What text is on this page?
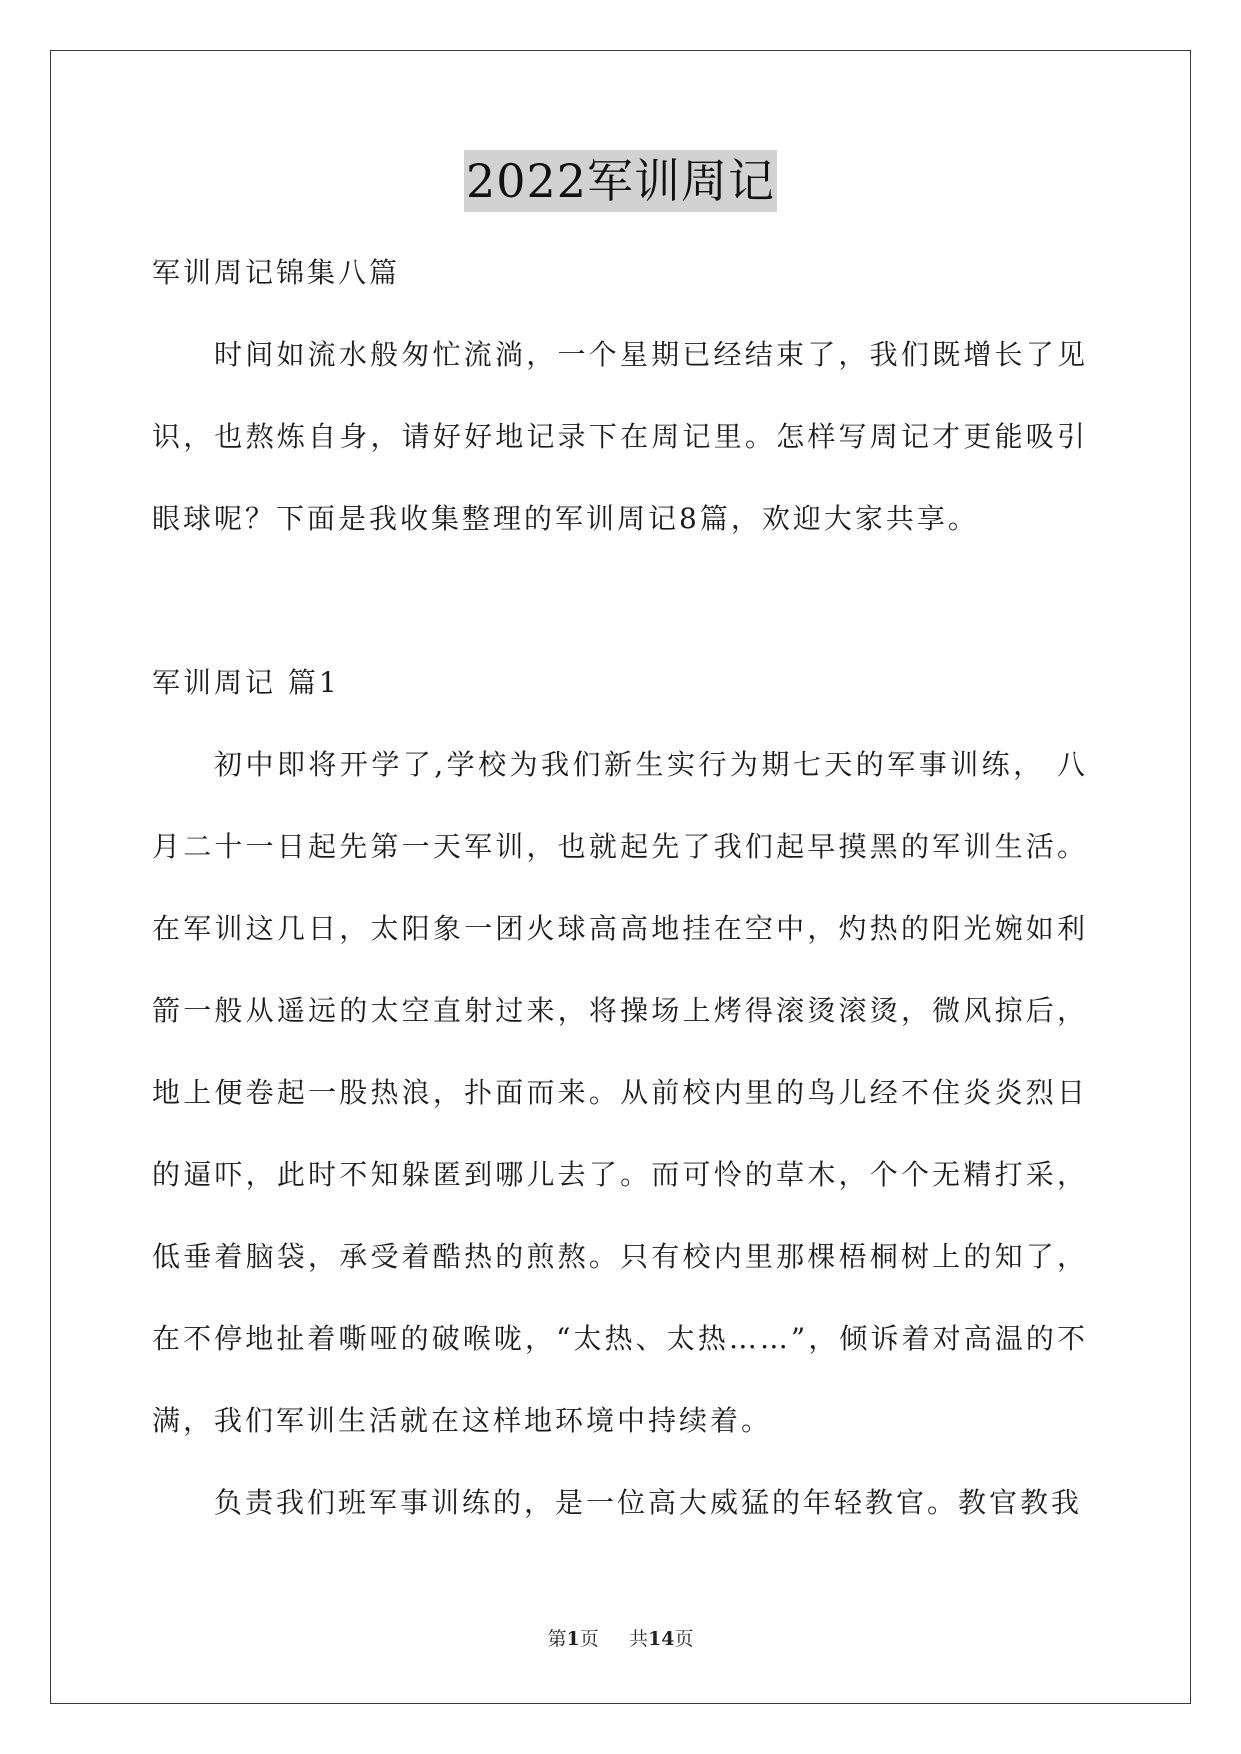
2022军训周记

军训周记锦集八篇

时间如流水般匆忙流淌，一个星期已经结束了，我们既增长了见识，也熬炼自身，请好好地记录下在周记里。怎样写周记才更能吸引眼球呢？下面是我收集整理的军训周记8篇，欢迎大家共享。

军训周记 篇1

初中即将开学了,学校为我们新生实行为期七天的军事训练， 八月二十一日起先第一天军训，也就起先了我们起早摸黑的军训生活。在军训这几日，太阳象一团火球高高地挂在空中，灼热的阳光婉如利箭一般从遥远的太空直射过来，将操场上烤得滚烫滚烫，微风掠后，地上便卷起一股热浪，扑面而来。从前校内里的鸟儿经不住炎炎烈日的逼吓，此时不知躲匿到哪儿去了。而可怜的草木，个个无精打采，低垂着脑袋，承受着酷热的煎熬。只有校内里那棵梧桐树上的知了，在不停地扯着嘶哑的破喉咙，“太热、太热……”，倾诉着对高温的不满，我们军训生活就在这样地环境中持续着。

负责我们班军事训练的，是一位高大威猛的年轻教官。教官教我

第1页 共14页
